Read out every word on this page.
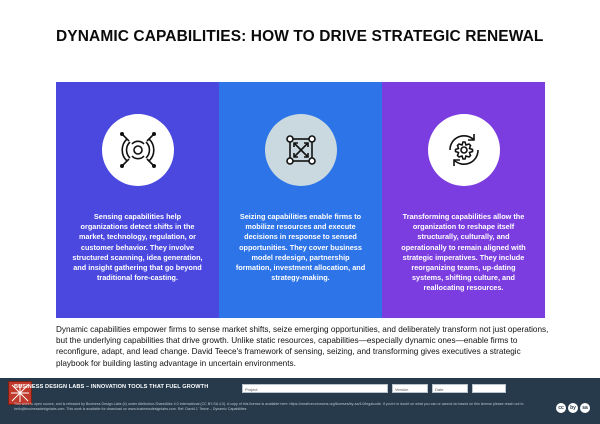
DYNAMIC CAPABILITIES: HOW TO DRIVE STRATEGIC RENEWAL
Sensing capabilities help organizations detect shifts in the market, technology, regulation, or customer behavior. They involve structured scanning, idea generation, and insight gathering that go beyond traditional fore-casting.
Seizing capabilities enable firms to mobilize resources and execute decisions in response to sensed opportunities. They cover business model redesign, partnership formation, investment allocation, and strategy-making.
Transforming capabilities allow the organization to reshape itself structurally, culturally, and operationally to remain aligned with strategic imperatives. They include reorganizing teams, up-dating systems, shifting culture, and reallocating resources.
Dynamic capabilities empower firms to sense market shifts, seize emerging opportunities, and deliberately transform not just operations, but the underlying capabilities that drive growth. Unlike static resources, capabilities—especially dynamic ones—enable firms to reconfigure, adapt, and lead change. David Teece's framework of sensing, seizing, and transforming gives executives a strategic playbook for building lasting advantage in uncertain environments.
BUSINESS DESIGN LABS – INNOVATION TOOLS THAT FUEL GROWTH	Project	Version	Date
This work is open source, and is released by Business Design Labs (b) under Attribution-ShareAlike 4.0 International (CC BY-SA 4.0). A copy of this license is available here: https://creativecommons.org/licenses/by-sa/4.0/legalcode. If you're in doubt on what you can or cannot do based on this license please reach out to hello@businessdesignlabs.com. This work is available for download on www.businessdesignlabs.com. Ref: David J. Teece – Dynamic Capabilities	cc	by	sa
